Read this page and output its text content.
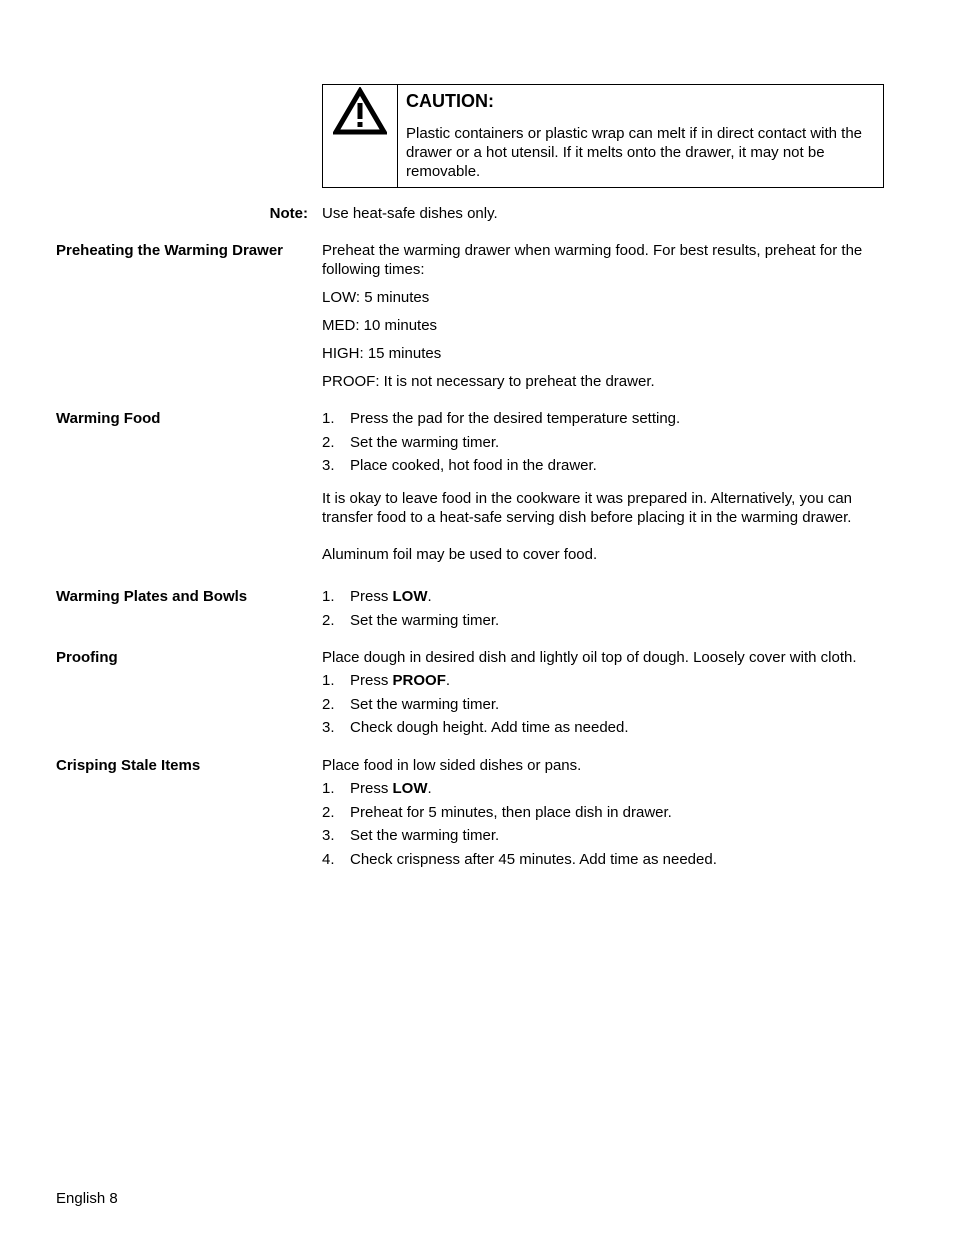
CAUTION:

Plastic containers or plastic wrap can melt if in direct contact with the drawer or a hot utensil. If it melts onto the drawer, it may not be removable.

Note: Use heat-safe dishes only.
Preheating the Warming Drawer	Preheat the warming drawer when warming food. For best results, preheat for the following times:

LOW: 5 minutes

MED: 10 minutes

HIGH: 15 minutes

PROOF: It is not necessary to preheat the drawer.

Warming Food	1. Press the pad for the desired temperature setting.
2. Set the warming timer.
3. Place cooked, hot food in the drawer.

It is okay to leave food in the cookware it was prepared in. Alternatively, you can transfer food to a heat-safe serving dish before placing it in the warming drawer.

Aluminum foil may be used to cover food.

Warming Plates and Bowls	1. Press LOW.
2. Set the warming timer.
Proofing	Place dough in desired dish and lightly oil top of dough. Loosely cover with cloth.

1. Press PROOF.
2. Set the warming timer.
3. Check dough height. Add time as needed.
Crisping Stale Items	Place food in low sided dishes or pans.

1. Press LOW.
2. Preheat for 5 minutes, then place dish in drawer.
3. Set the warming timer.
4. Check crispness after 45 minutes. Add time as needed.
English 8
